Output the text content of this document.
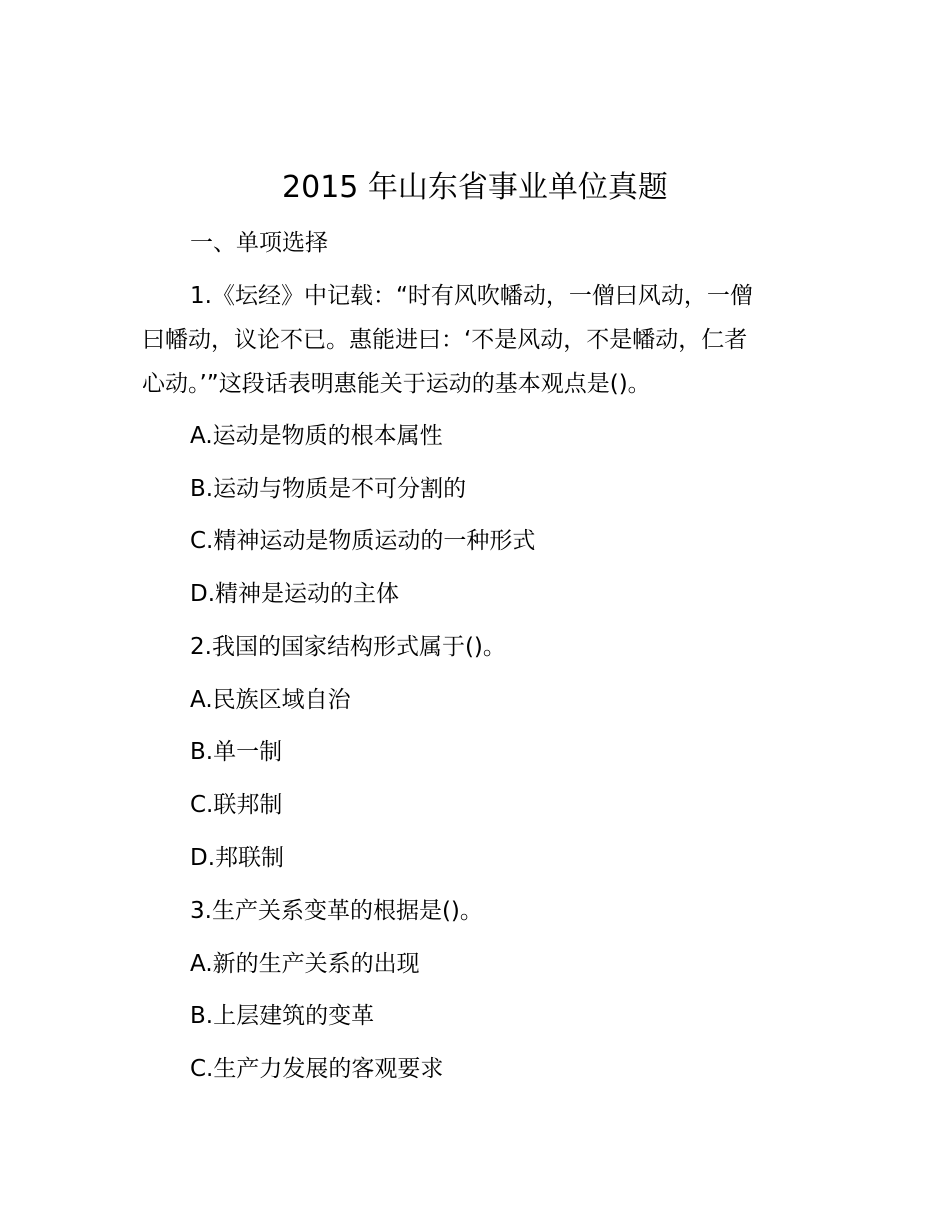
2015 年山东省事业单位真题
一、单项选择
1.《坛经》中记载：“时有风吹幡动，一僧曰风动，一僧
曰幡动，议论不已。惠能进曰：‘不是风动，不是幡动，仁者
心动。’”这段话表明惠能关于运动的基本观点是()。
A.运动是物质的根本属性
B.运动与物质是不可分割的
C.精神运动是物质运动的一种形式
D.精神是运动的主体
2.我国的国家结构形式属于()。
A.民族区域自治
B.单一制
C.联邦制
D.邦联制
3.生产关系变革的根据是()。
A.新的生产关系的出现
B.上层建筑的变革
C.生产力发展的客观要求
